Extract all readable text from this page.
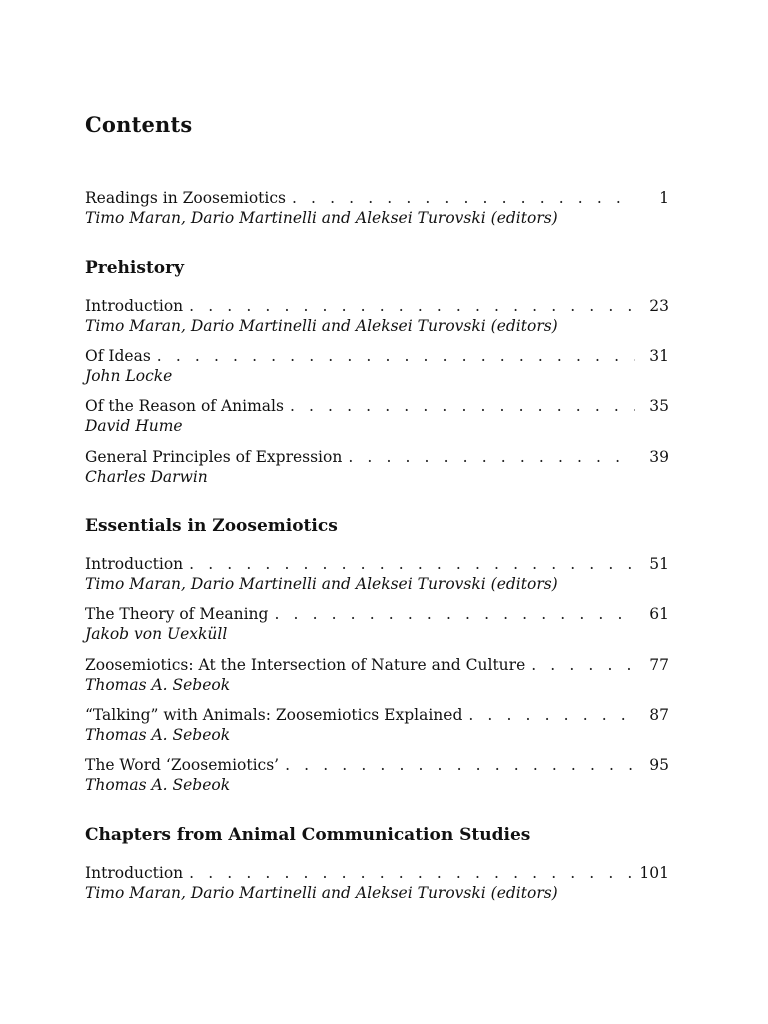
Contents
Readings in Zoosemiotics . . .	1
Timo Maran, Dario Martinelli and Aleksei Turovski (editors)
Prehistory
Introduction . . .	23
Timo Maran, Dario Martinelli and Aleksei Turovski (editors)
Of Ideas . . .	31
John Locke
Of the Reason of Animals . . .	35
David Hume
General Principles of Expression . . .	39
Charles Darwin
Essentials in Zoosemiotics
Introduction . . .	51
Timo Maran, Dario Martinelli and Aleksei Turovski (editors)
The Theory of Meaning . . .	61
Jakob von Uexküll
Zoosemiotics: At the Intersection of Nature and Culture . . .	77
Thomas A. Sebeok
“Talking” with Animals: Zoosemiotics Explained . . .	87
Thomas A. Sebeok
The Word ‘Zoosemiotics’ . . .	95
Thomas A. Sebeok
Chapters from Animal Communication Studies
Introduction . . .	101
Timo Maran, Dario Martinelli and Aleksei Turovski (editors)
